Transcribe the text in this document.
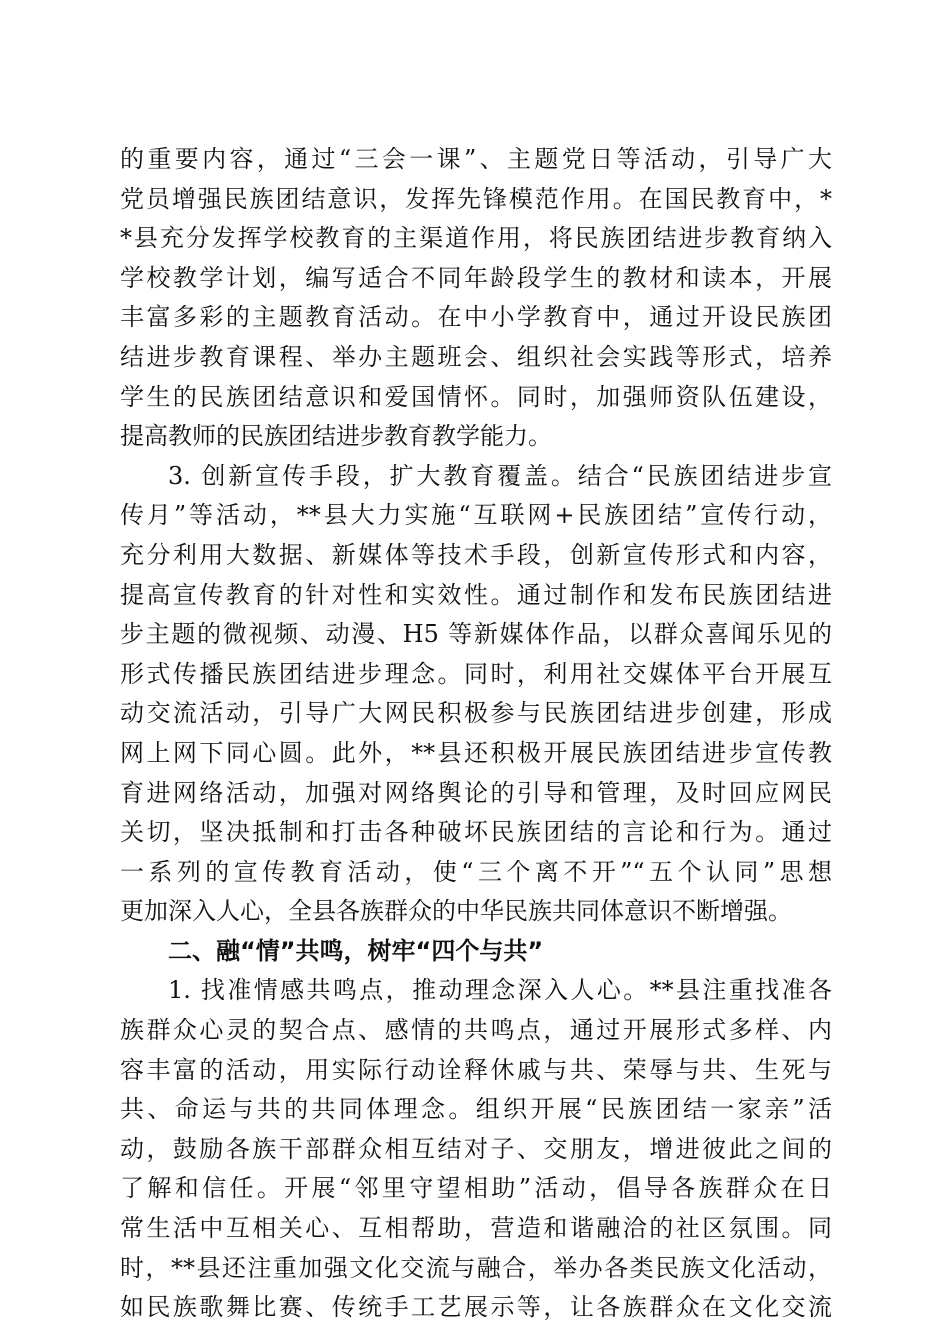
的重要内容，通过“三会一课”、主题党日等活动，引导广大

党员增强民族团结意识，发挥先锋模范作用。在国民教育中，*

*县充分发挥学校教育的主渠道作用，将民族团结进步教育纳入

学校教学计划，编写适合不同年龄段学生的教材和读本，开展

丰富多彩的主题教育活动。在中小学教育中，通过开设民族团

结进步教育课程、举办主题班会、组织社会实践等形式，培养

学生的民族团结意识和爱国情怀。同时，加强师资队伍建设，

提高教师的民族团结进步教育教学能力。

3. 创新宣传手段，扩大教育覆盖。结合“民族团结进步宣

传月”等活动，**县大力实施“互联网+民族团结”宣传行动，

充分利用大数据、新媒体等技术手段，创新宣传形式和内容，

提高宣传教育的针对性和实效性。通过制作和发布民族团结进

步主题的微视频、动漫、H5 等新媒体作品，以群众喜闻乐见的

形式传播民族团结进步理念。同时，利用社交媒体平台开展互

动交流活动，引导广大网民积极参与民族团结进步创建，形成

网上网下同心圆。此外，**县还积极开展民族团结进步宣传教

育进网络活动，加强对网络舆论的引导和管理，及时回应网民

关切，坚决抵制和打击各种破坏民族团结的言论和行为。通过

一系列的宣传教育活动，使“三个离不开”“五个认同”思想

更加深入人心，全县各族群众的中华民族共同体意识不断增强。

二、融“情”共鸣，树牢“四个与共”

1. 找准情感共鸣点，推动理念深入人心。**县注重找准各

族群众心灵的契合点、感情的共鸣点，通过开展形式多样、内

容丰富的活动，用实际行动诠释休戚与共、荣辱与共、生死与

共、命运与共的共同体理念。组织开展“民族团结一家亲”活

动，鼓励各族干部群众相互结对子、交朋友，增进彼此之间的

了解和信任。开展“邻里守望相助”活动，倡导各族群众在日

常生活中互相关心、互相帮助，营造和谐融洽的社区氛围。同

时，**县还注重加强文化交流与融合，举办各类民族文化活动，

如民族歌舞比赛、传统手工艺展示等，让各族群众在文化交流
